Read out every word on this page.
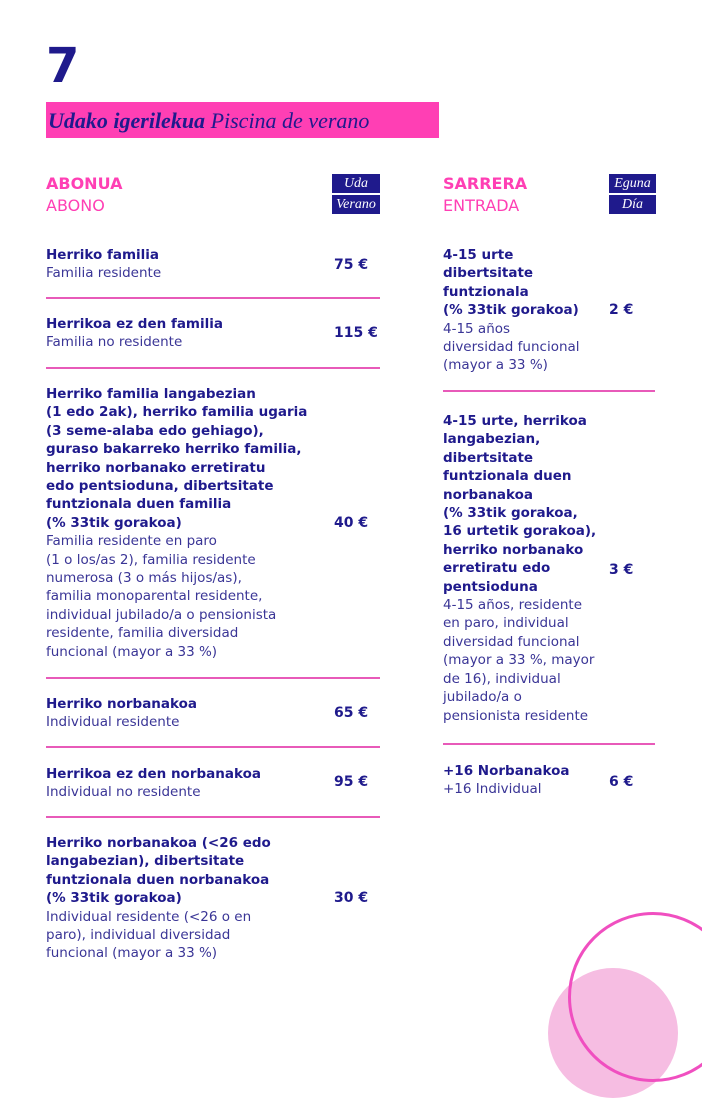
7
Udako igerilekua Piscina de verano
ABONUA
ABONO
Uda
Verano

Herriko familia

Familia residente

75 €

Herrikoa ez den familia

Familia no residente

115 €

Herriko familia langabezian
(1 edo 2ak), herriko familia ugaria
(3 seme-alaba edo gehiago),
guraso bakarreko herriko familia,
herriko norbanako erretiratu
edo pentsioduna, dibertsitate
funtzionala duen familia
(% 33tik gorakoa)

Familia residente en paro
(1 o los/as 2), familia residente
numerosa (3 o más hijos/as),
familia monoparental residente,
individual jubilado/a o pensionista
residente, familia diversidad
funcional (mayor a 33 %)

40 €

Herriko norbanakoa

Individual residente

65 €

Herrikoa ez den norbanakoa

Individual no residente

95 €

Herriko norbanakoa (<26 edo
langabezian), dibertsitate
funtzionala duen norbanakoa
(% 33tik gorakoa)

Individual residente (<26 o en
paro), individual diversidad
funcional (mayor a 33 %)

30 €
SARRERA
ENTRADA
Eguna
Día

4-15 urte
dibertsitate
funtzionala
(% 33tik gorakoa)

4-15 años
diversidad funcional
(mayor a 33 %)

2 €

4-15 urte, herrikoa
langabezian,
dibertsitate
funtzionala duen
norbanakoa
(% 33tik gorakoa,
16 urtetik gorakoa),
herriko norbanako
erretiratu edo
pentsioduna

4-15 años, residente
en paro, individual
diversidad funcional
(mayor a 33 %, mayor
de 16), individual
jubilado/a o
pensionista residente

3 €

+16 Norbanakoa

+16 Individual	6 €
